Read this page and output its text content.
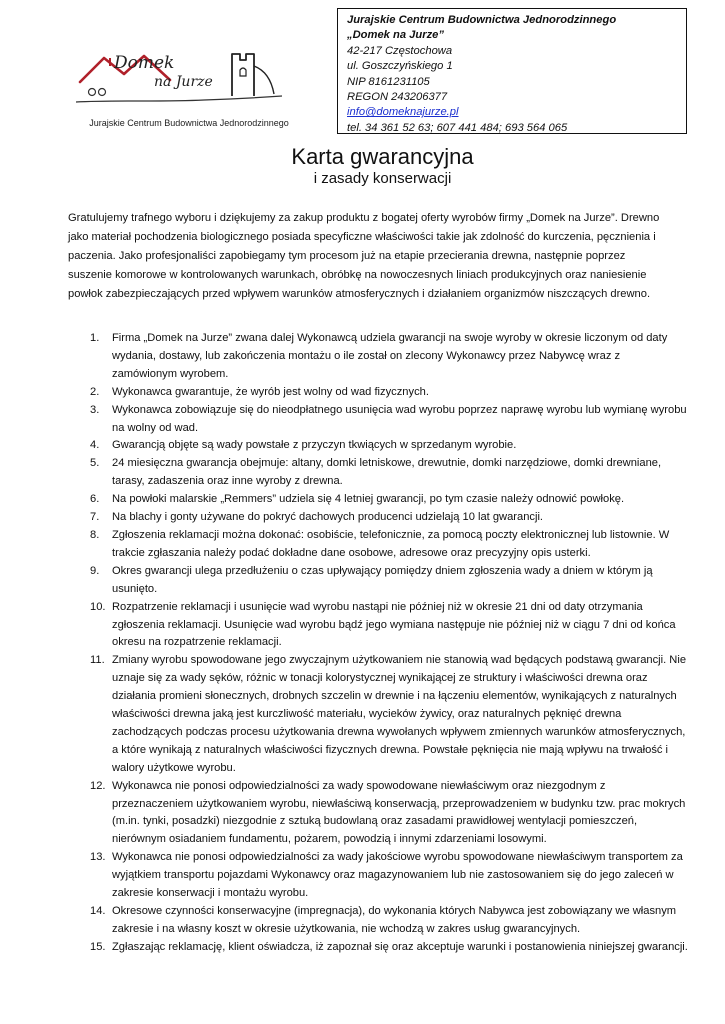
Domek
na Jurze
Jurajskie Centrum Budownictwa Jednorodzinnego
Jurajskie Centrum Budownictwa Jednorodzinnego
„Domek na Jurze”
42-217 Częstochowa
ul. Goszczyńskiego 1
NIP 8161231105
REGON 243206377
info@domeknajurze.pl
tel. 34 361 52 63; 607 441 484; 693 564 065
Karta gwarancyjna
i zasady konserwacji

Gratulujemy trafnego wyboru i dziękujemy za zakup produktu z bogatej oferty wyrobów firmy „Domek na Jurze”. Drewno jako materiał pochodzenia biologicznego posiada specyficzne właściwości takie jak zdolność do kurczenia, pęcznienia i paczenia. Jako profesjonaliści zapobiegamy tym procesom już na etapie przecierania drewna, następnie poprzez suszenie komorowe w kontrolowanych warunkach, obróbkę na nowoczesnych liniach produkcyjnych oraz naniesienie powłok zabezpieczających przed wpływem warunków atmosferycznych i działaniem organizmów niszczących drewno.

1.	Firma „Domek na Jurze” zwana dalej Wykonawcą udziela gwarancji na swoje wyroby w okresie liczonym od daty wydania, dostawy, lub zakończenia montażu o ile został on zlecony Wykonawcy przez Nabywcę wraz z zamówionym wyrobem.
2.	Wykonawca gwarantuje, że wyrób jest wolny od wad fizycznych.
3.	Wykonawca zobowiązuje się do nieodpłatnego usunięcia wad wyrobu poprzez naprawę wyrobu lub wymianę wyrobu na wolny od wad.
4.	Gwarancją objęte są wady powstałe z przyczyn tkwiących w sprzedanym wyrobie.
5.	24 miesięczna gwarancja obejmuje: altany, domki letniskowe, drewutnie, domki narzędziowe, domki drewniane, tarasy, zadaszenia oraz inne wyroby z drewna.
6.	Na powłoki malarskie „Remmers” udziela się 4 letniej gwarancji, po tym czasie należy odnowić powłokę.
7.	Na blachy i gonty używane do pokryć dachowych producenci udzielają 10 lat gwarancji.
8.	Zgłoszenia reklamacji można dokonać: osobiście, telefonicznie, za pomocą poczty elektronicznej lub listownie. W trakcie zgłaszania należy podać dokładne dane osobowe, adresowe oraz precyzyjny opis usterki.
9.	Okres gwarancji ulega przedłużeniu o czas upływający pomiędzy dniem zgłoszenia wady a dniem w którym ją usunięto.
10. Rozpatrzenie reklamacji i usunięcie wad wyrobu nastąpi nie później niż w okresie 21 dni od daty otrzymania zgłoszenia reklamacji. Usunięcie wad wyrobu bądź jego wymiana następuje nie później niż w ciągu 7 dni od końca okresu na rozpatrzenie reklamacji.
11. Zmiany wyrobu spowodowane jego zwyczajnym użytkowaniem nie stanowią wad będących podstawą gwarancji. Nie uznaje się za wady sęków, różnic w tonacji kolorystycznej wynikającej ze struktury i właściwości drewna oraz działania promieni słonecznych, drobnych szczelin w drewnie i na łączeniu elementów, wynikających z naturalnych właściwości drewna jaką jest kurczliwość materiału, wycieków żywicy, oraz naturalnych pęknięć drewna zachodzących podczas procesu użytkowania drewna wywołanych wpływem zmiennych warunków atmosferycznych, a które wynikają z naturalnych właściwości fizycznych drewna. Powstałe pęknięcia nie mają wpływu na trwałość i walory użytkowe wyrobu.
12. Wykonawca nie ponosi odpowiedzialności za wady spowodowane niewłaściwym oraz niezgodnym z przeznaczeniem użytkowaniem wyrobu, niewłaściwą konserwacją, przeprowadzeniem w budynku tzw. prac mokrych (m.in. tynki, posadzki) niezgodnie z sztuką budowlaną oraz zasadami prawidłowej wentylacji pomieszczeń, nierównym osiadaniem fundamentu, pożarem, powodzią i innymi zdarzeniami losowymi.
13. Wykonawca nie ponosi odpowiedzialności za wady jakościowe wyrobu spowodowane niewłaściwym transportem za wyjątkiem transportu pojazdami Wykonawcy oraz magazynowaniem lub nie zastosowaniem się do jego zaleceń w zakresie konserwacji i montażu wyrobu.
14. Okresowe czynności konserwacyjne (impregnacja), do wykonania których Nabywca jest zobowiązany we własnym zakresie i na własny koszt w okresie użytkowania, nie wchodzą w zakres usług gwarancyjnych.
15. Zgłaszając reklamację, klient oświadcza, iż zapoznał się oraz akceptuje warunki i postanowienia niniejszej gwarancji.
